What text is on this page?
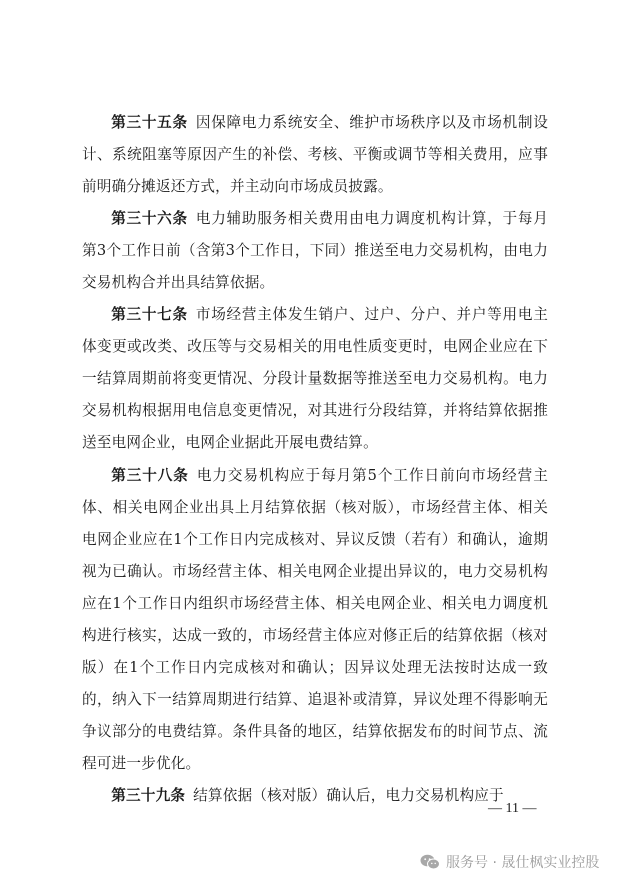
第三十五条 因保障电力系统安全、维护市场秩序以及市场机制设计、系统阻塞等原因产生的补偿、考核、平衡或调节等相关费用，应事前明确分摊返还方式，并主动向市场成员披露。

第三十六条 电力辅助服务相关费用由电力调度机构计算，于每月第3个工作日前（含第3个工作日，下同）推送至电力交易机构，由电力交易机构合并出具结算依据。

第三十七条 市场经营主体发生销户、过户、分户、并户等用电主体变更或改类、改压等与交易相关的用电性质变更时，电网企业应在下一结算周期前将变更情况、分段计量数据等推送至电力交易机构。电力交易机构根据用电信息变更情况，对其进行分段结算，并将结算依据推送至电网企业，电网企业据此开展电费结算。

第三十八条 电力交易机构应于每月第5个工作日前向市场经营主体、相关电网企业出具上月结算依据（核对版），市场经营主体、相关电网企业应在1个工作日内完成核对、异议反馈（若有）和确认，逾期视为已确认。市场经营主体、相关电网企业提出异议的，电力交易机构应在1个工作日内组织市场经营主体、相关电网企业、相关电力调度机构进行核实，达成一致的，市场经营主体应对修正后的结算依据（核对版）在1个工作日内完成核对和确认；因异议处理无法按时达成一致的，纳入下一结算周期进行结算、追退补或清算，异议处理不得影响无争议部分的电费结算。条件具备的地区，结算依据发布的时间节点、流程可进一步优化。

第三十九条 结算依据（核对版）确认后，电力交易机构应于

— 11 —
服务号 · 晟仕枫实业控股
